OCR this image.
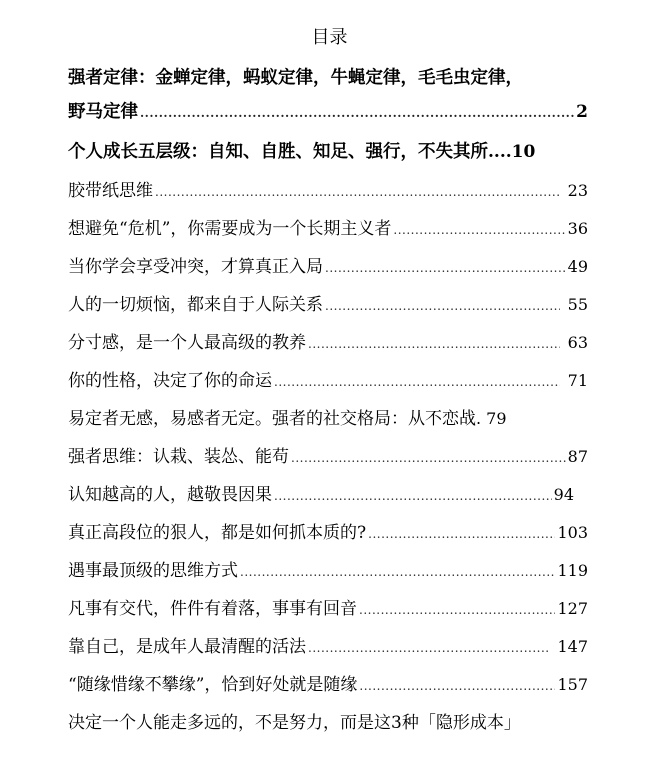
目录
强者定律：金蝉定律，蚂蚁定律，牛蝇定律，毛毛虫定律，
野马定律 .....	2
个人成长五层级：自知、自胜、知足、强行，不失其所 ....10
胶带纸思维 .....	23
想避免“危机”，你需要成为一个长期主义者 .....	36
当你学会享受冲突，才算真正入局 .....	49
人的一切烦恼，都来自于人际关系 .....	55
分寸感，是一个人最高级的教养 .....	63
你的性格，决定了你的命运 .....	71
易定者无感，易感者无定。强者的社交格局：从不恋战 . 79
强者思维：认栽、装怂、能苟 .....	87
认知越高的人，越敬畏因果 .....	94
真正高段位的狠人，都是如何抓本质的? .....	103
遇事最顶级的思维方式 .....	119
凡事有交代，件件有着落，事事有回音 .....	127
靠自己，是成年人最清醒的活法 .....	147
“随缘惜缘不攀缘”，恰到好处就是随缘 .....	157
决定一个人能走多远的，不是努力，而是这3种「隐形成本」
